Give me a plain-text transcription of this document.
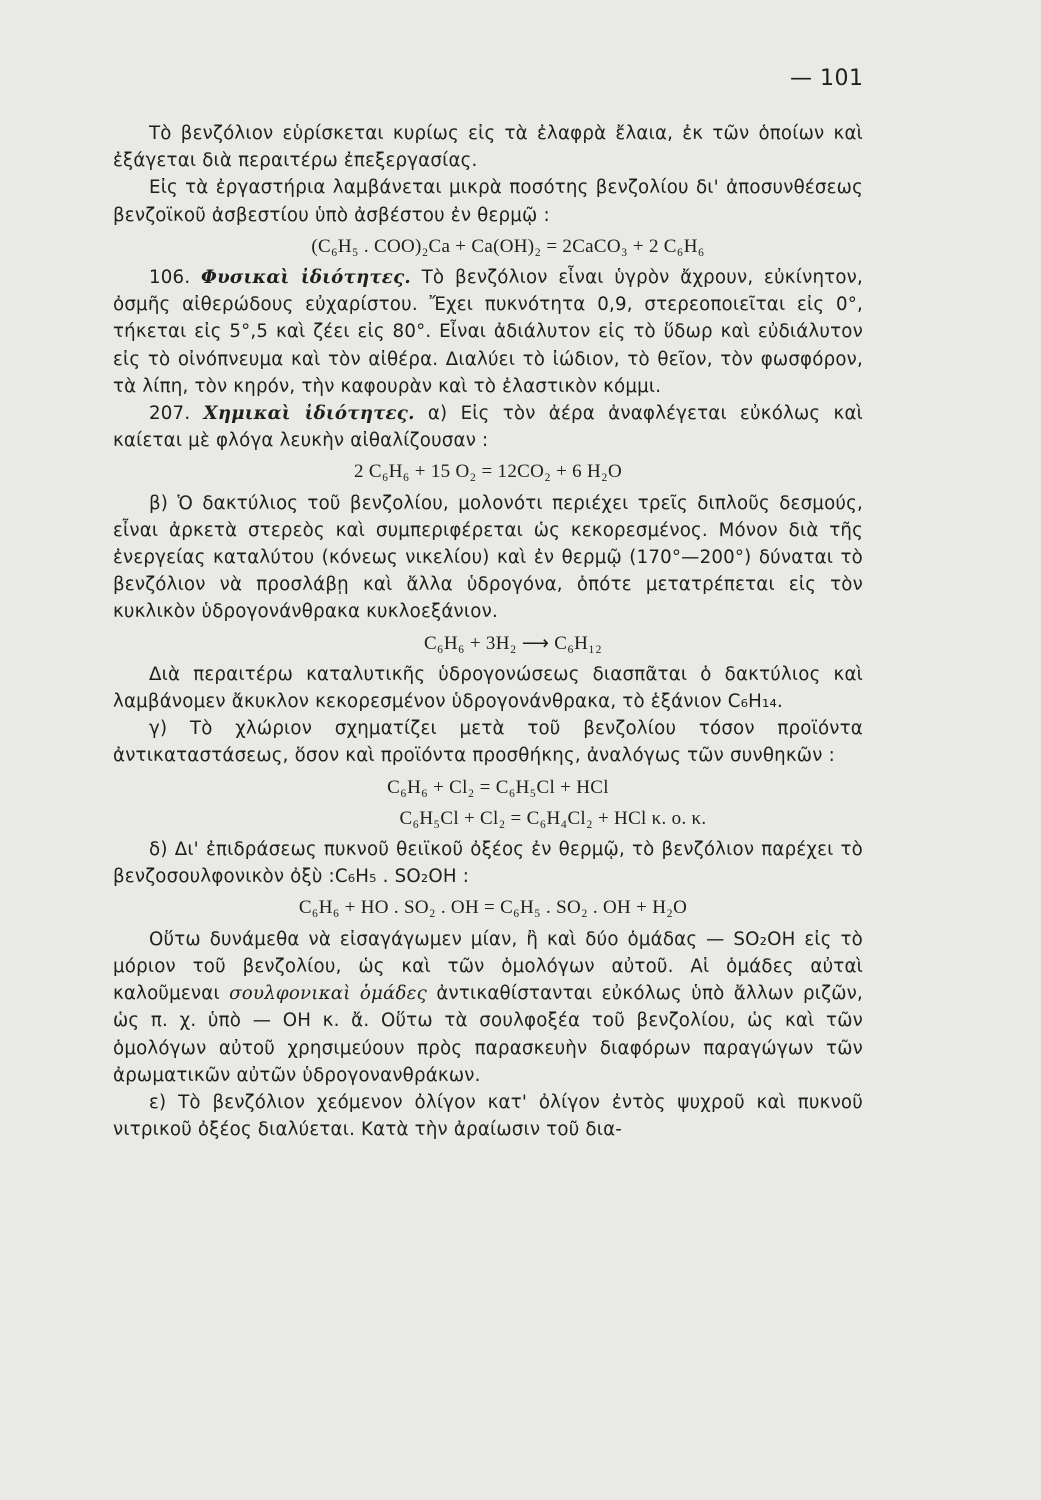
— 101

Τὸ βενζόλιον εὑρίσκεται κυρίως εἰς τὰ ἐλαφρὰ ἔλαια, ἐκ τῶν ὁποίων καὶ ἐξάγεται διὰ περαιτέρω ἐπεξεργασίας.

Εἰς τὰ ἐργαστήρια λαμβάνεται μικρὰ ποσότης βενζολίου δι' ἀποσυνθέσεως βενζοϊκοῦ ἀσβεστίου ὑπὸ ἀσβέστου ἐν θερμῷ :

(C₆H₅ . COO)₂Ca + Ca(OH)₂ = 2CaCO₃ + 2 C₆H₆

106. Φυσικαὶ ἰδιότητες. Τὸ βενζόλιον εἶναι ὑγρὸν ἄχρουν, εὐκίνητον, ὀσμῆς αἰθερώδους εὐχαρίστου. Ἔχει πυκνότητα 0,9, στερεοποιεῖται εἰς 0°, τήκεται εἰς 5°,5 καὶ ζέει εἰς 80°. Εἶναι ἀδιάλυτον εἰς τὸ ὕδωρ καὶ εὐδιάλυτον εἰς τὸ οἰνόπνευμα καὶ τὸν αἰθέρα. Διαλύει τὸ ἰώδιον, τὸ θεῖον, τὸν φωσφόρον, τὰ λίπη, τὸν κηρόν, τὴν καφουρὰν καὶ τὸ ἐλαστικὸν κόμμι.

207. Χημικαὶ ἰδιότητες. α) Εἰς τὸν ἀέρα ἀναφλέγεται εὐκόλως καὶ καίεται μὲ φλόγα λευκὴν αἰθαλίζουσαν :

2 C₆H₆ + 15 O₂ = 12CO₂ + 6 H₂O

β) Ὁ δακτύλιος τοῦ βενζολίου, μολονότι περιέχει τρεῖς διπλοῦς δεσμούς, εἶναι ἀρκετὰ στερεὸς καὶ συμπεριφέρεται ὡς κεκορεσμένος. Μόνον διὰ τῆς ἐνεργείας καταλύτου (κόνεως νικελίου) καὶ ἐν θερμῷ (170°—200°) δύναται τὸ βενζόλιον νὰ προσλάβῃ καὶ ἄλλα ὑδρογόνα, ὁπότε μετατρέπεται εἰς τὸν κυκλικὸν ὑδρογονάνθρακα κυκλοεξάνιον.

C₆H₆ + 3H₂ ⟶ C₆H₁₂

Διὰ περαιτέρω καταλυτικῆς ὑδρογονώσεως διασπᾶται ὁ δακτύλιος καὶ λαμβάνομεν ἄκυκλον κεκορεσμένον ὑδρογονάνθρακα, τὸ ἑξάνιον C₆H₁₄.

γ) Τὸ χλώριον σχηματίζει μετὰ τοῦ βενζολίου τόσον προϊόντα ἀντικαταστάσεως, ὅσον καὶ προϊόντα προσθήκης, ἀναλόγως τῶν συνθηκῶν :

C₆H₆ + Cl₂ = C₆H₅Cl + HCl
C₆H₅Cl + Cl₂ = C₆H₄Cl₂ + HCl κ. ο. κ.

δ) Δι' ἐπιδράσεως πυκνοῦ θειϊκοῦ ὀξέος ἐν θερμῷ, τὸ βενζόλιον παρέχει τὸ βενζοσουλφονικὸν ὀξὺ :C₆H₅ . SO₂OH :

C₆H₆ + HO . SO₂ . OH = C₆H₅ . SO₂ . OH + H₂O

Οὕτω δυνάμεθα νὰ εἰσαγάγωμεν μίαν, ἢ καὶ δύο ὁμάδας — SO₂OH εἰς τὸ μόριον τοῦ βενζολίου, ὡς καὶ τῶν ὁμολόγων αὐτοῦ. Αἱ ὁμάδες αὐταὶ καλοῦμεναι σουλφονικαὶ ὁμάδες ἀντικαθίστανται εὐκόλως ὑπὸ ἄλλων ριζῶν, ὡς π. χ. ὑπὸ — OH κ. ἄ. Οὕτω τὰ σουλφοξέα τοῦ βενζολίου, ὡς καὶ τῶν ὁμολόγων αὐτοῦ χρησιμεύουν πρὸς παρασκευὴν διαφόρων παραγώγων τῶν ἀρωματικῶν αὐτῶν ὑδρογονανθράκων.

ε) Τὸ βενζόλιον χεόμενον ὀλίγον κατ' ὀλίγον ἐντὸς ψυχροῦ καὶ πυκνοῦ νιτρικοῦ ὀξέος διαλύεται. Κατὰ τὴν ἀραίωσιν τοῦ δια-
